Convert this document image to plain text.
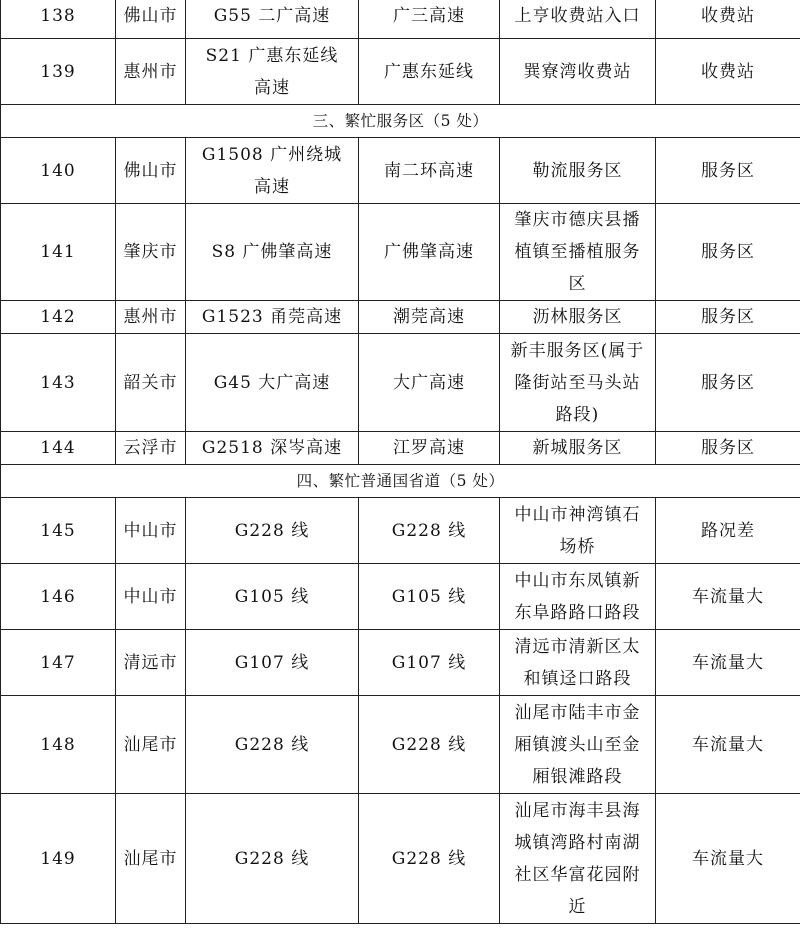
138	佛山市	G55 二广高速	广三高速	上亨收费站入口	收费站

139	惠州市	S21 广惠东延线高速	广惠东延线	巽寮湾收费站	收费站

三、繁忙服务区（5 处）					

140	佛山市	G1508 广州绕城高速	南二环高速	勒流服务区	服务区

141	肇庆市	S8 广佛肇高速	广佛肇高速	肇庆市德庆县播植镇至播植服务区	服务区

142	惠州市	G1523 甬莞高速	潮莞高速	沥林服务区	服务区

143	韶关市	G45 大广高速	大广高速	新丰服务区(属于隆街站至马头站路段)	服务区

144	云浮市	G2518 深岑高速	江罗高速	新城服务区	服务区

四、繁忙普通国省道（5 处）					

145	中山市	G228 线	G228 线	中山市神湾镇石场桥	路况差

146	中山市	G105 线	G105 线	中山市东凤镇新东阜路路口路段	车流量大

147	清远市	G107 线	G107 线	清远市清新区太和镇迳口路段	车流量大

148	汕尾市	G228 线	G228 线	汕尾市陆丰市金厢镇渡头山至金厢银滩路段	车流量大

149	汕尾市	G228 线	G228 线	汕尾市海丰县海城镇湾路村南湖社区华富花园附近	车流量大
